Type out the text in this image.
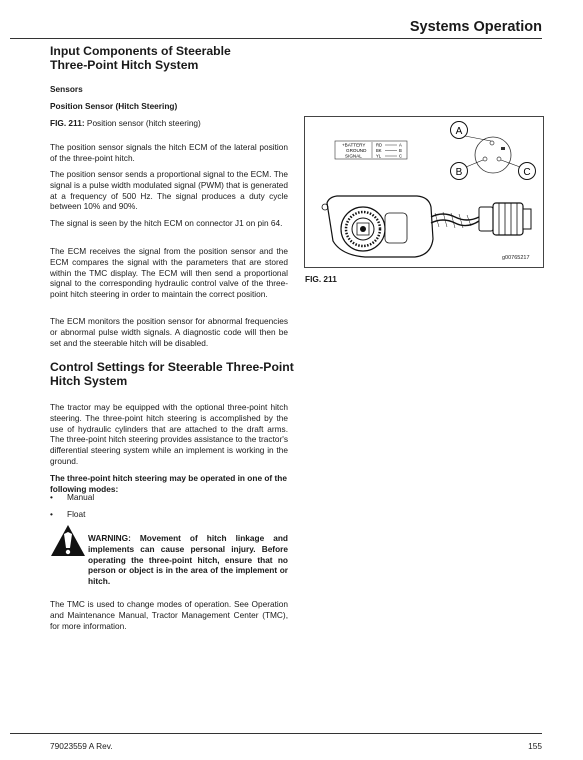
Systems Operation
Input Components of Steerable
Three-Point Hitch System
Sensors
Position Sensor (Hitch Steering)
FIG. 211: Position sensor (hitch steering)

The position sensor signals the hitch ECM of the lateral position of the three-point hitch.

The position sensor sends a proportional signal to the ECM. The signal is a pulse width modulated signal (PWM) that is generated at a frequency of 500 Hz. The signal produces a duty cycle between 10% and 90%.

The signal is seen by the hitch ECM on connector J1 on pin 64.

The ECM receives the signal from the position sensor and the ECM compares the signal with the parameters that are stored within the TMC display. The ECM will then send a proportional signal to the corresponding hydraulic control valve of the three-point hitch steering in order to maintain the correct position.

The ECM monitors the position sensor for abnormal frequencies or abnormal pulse width signals. A diagnostic code will then be set and the steerable hitch will be disabled.

Control Settings for Steerable Three-Point
Hitch System

The tractor may be equipped with the optional three-point hitch steering. The three-point hitch steering is accomplished by the use of hydraulic cylinders that are attached to the draft arms. The three-point hitch steering provides assistance to the tractor's differential steering system while an implement is working in the ground.

The three-point hitch steering may be operated in one of the following modes:

• Manual
• Float

WARNING: Movement of hitch linkage and implements can cause personal injury. Before operating the three-point hitch, ensure that no person or object is in the area of the implement or hitch.

The TMC is used to change modes of operation. See Operation and Maintenance Manual, Tractor Management Center (TMC), for more information.

+BATTERY
GROUND
SIGNAL
RD
BK
YL
A
B
C
A
B	C
g00765217
FIG. 211
79023559 A Rev.	155
